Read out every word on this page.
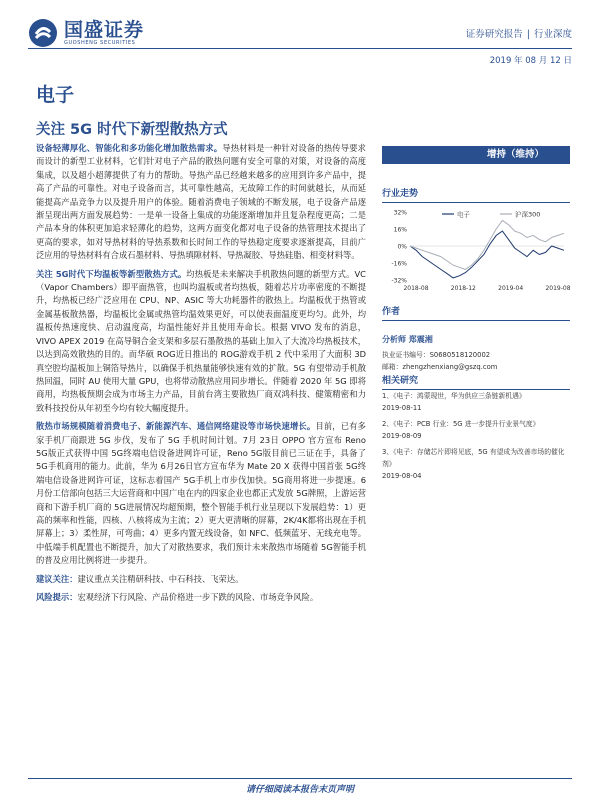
国盛证券
GUOSHENG SECURITIES
证券研究报告 | 行业深度
2019 年 08 月 12 日
电子
关注 5G 时代下新型散热方式

设备轻薄厚化、智能化和多功能化增加散热需求。导热材料是一种针对设备的热传导要求而设计的新型工业材料，它们针对电子产品的散热问题有安全可靠的对策，对设备的高度集成，以及超小超薄提供了有力的帮助。导热产品已经越来越多的应用到许多产品中，提高了产品的可靠性。对电子设备而言，其可靠性越高，无故障工作的时间就越长，从而延能提高产品竞争力以及提升用户的体验。随着消费电子领域的不断发展，电子设备产品逐渐呈现出两方面发展趋势：一是单一设备上集成的功能逐渐增加并且复杂程度更高；二是产品本身的体积更加追求轻薄化的趋势，这两方面变化都对电子设备的热管理技术提出了更高的要求，如对导热材料的导热系数和长时间工作的导热稳定度要求逐渐提高，目前广泛应用的导热材料有合成石墨材料、导热填隙材料、导热凝胶、导热硅脂、相变材料等。

关注 5G时代下均温板等新型散热方式。均热板是未来解决手机散热问题的新型方式。VC（Vapor Chambers）即平面热管，也叫均温板或者均热板，随着芯片功率密度的不断提升，均热板已经广泛应用在 CPU、NP、ASIC 等大功耗器件的散热上。均温板优于热管或金属基板散热器，均温板比金属或热管均温效果更好，可以使表面温度更均匀。此外，均温板传热速度快、启动温度高，均温性能好并且使用寿命长。根据 VIVO 发布的消息，VIVO APEX 2019 在高导铜合金支架和多层石墨散热的基础上加入了大流冷均热板技术，以达到高效散热的目的。而华硕 ROG近日推出的 ROG游戏手机 2 代中采用了大面积 3D 真空腔均温板加上铜箔导热片，以确保手机热量能够快速有效的扩散。5G 有望带动手机散热回温，同时 AU 使用大量 GPU，也将带动散热应用同步增长。伴随着 2020 年 5G 即将商用，均热板预期会成为市场主力产品，目前台湾主要散热厂商双鸿科技、健策精密和力致科技投份从年初至今均有较大幅度提升。

散热市场规模随着消费电子、新能源汽车、通信网络建设等市场快速增长。目前，已有多家手机厂商跟进 5G 步伐，发布了 5G 手机时间计划。7月 23日 OPPO 官方宣布 Reno 5G版正式获得中国 5G终端电信设备进网许可证，Reno 5G版目前已三证在手，具备了 5G手机商用的能力。此前，华为 6月26日官方宣布华为 Mate 20 X 获得中国首张 5G终端电信设备进网许可证，这标志着国产 5G手机上市步伐加快。5G商用将进一步提速。6月份工信部向包括三大运营商和中国广电在内的四家企业也都正式发放 5G牌照，上游运营商和下游手机厂商的 5G进展情况均超预期，整个智能手机行业呈现以下发展趋势：1）更高的频率和性能，四核、八核将成为主流；2）更大更清晰的屏幕，2K/4K都将出现在手机屏幕上；3）柔性屏，可弯曲；4）更多内置无线设备，如 NFC、低频蓝牙、无线充电等。中低端手机配置也不断提升，加大了对散热要求，我们预计未来散热市场随着 5G智能手机的普及应用比例将进一步提升。

建议关注：建议重点关注精研科技、中石科技、飞荣达。

风险提示：宏观经济下行风险、产品价格进一步下跌的风险、市场竞争风险。

增持（维持）
行业走势
32%
16%
0%
-16%
-32%
2018-08	2018-12	2019-04	2019-08
电子	沪深300
作者
分析师 郑震湘
执业证书编号：S0680518120002
邮箱：zhengzhenxiang@gszq.com
相关研究
1、《电子：鸿蒙现世，华为供应三条链新机遇》
2019-08-11
2、《电子：PCB 行业：5G 进一步提升行业景气度》
2019-08-09
3、《电子：存储芯片即将见底，5G 有望成为改善市场的催化剂》
2019-08-04
请仔细阅读本报告末页声明
